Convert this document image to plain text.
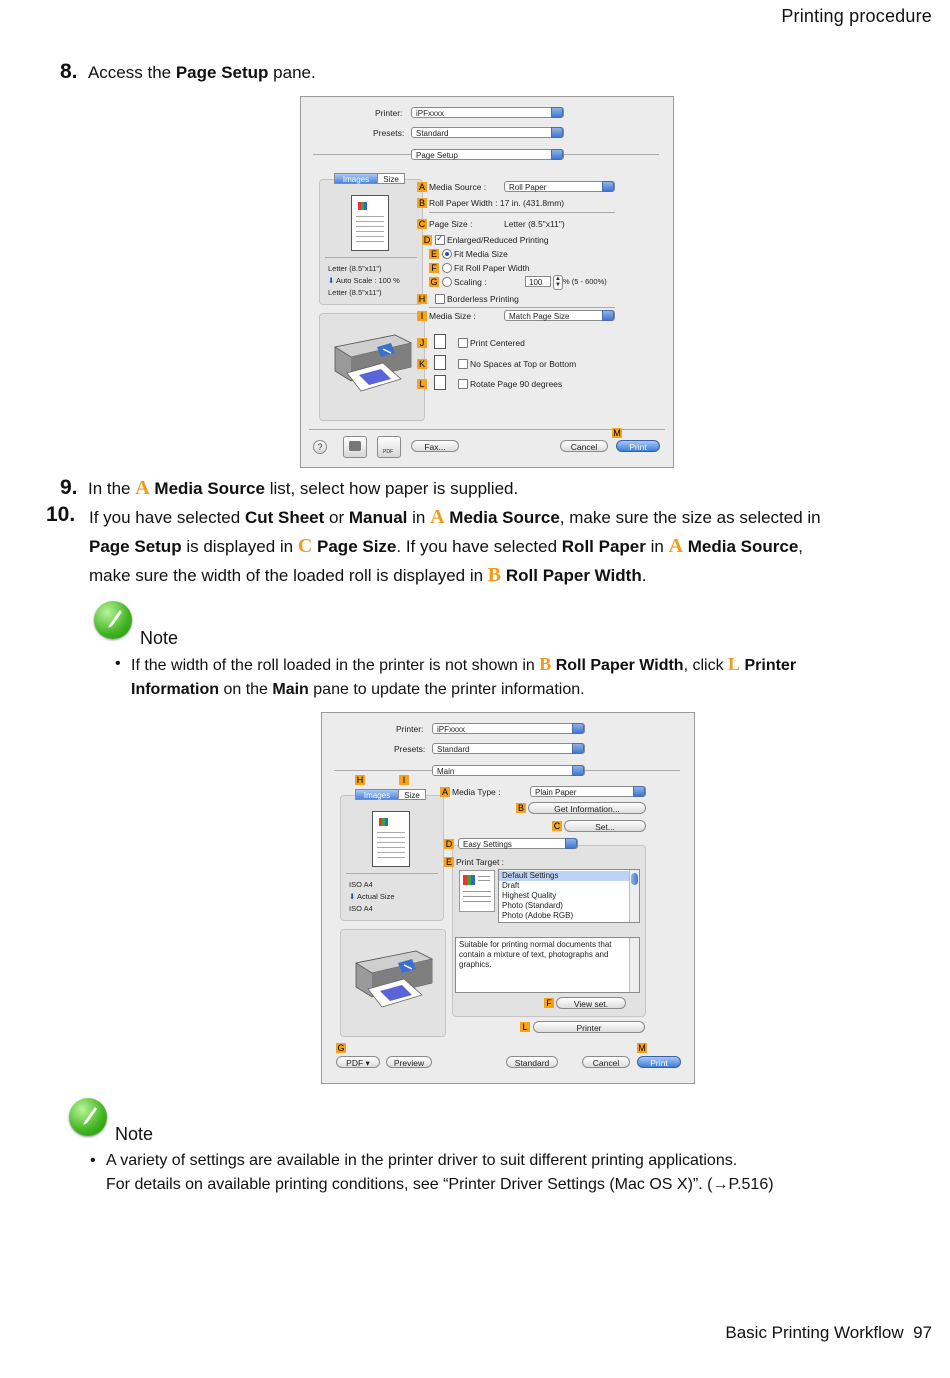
Printing procedure
Basic Printing Workflow 97
8. Access the Page Setup pane.
Printer:	iPFxxxx
Presets:	Standard
Page Setup
Images	Size
Letter (8.5"x11")
⬇ Auto Scale : 100 %
Letter (8.5"x11")
A Media Source :	Roll Paper
B Roll Paper Width : 17 in. (431.8mm)
C Page Size :	Letter (8.5"x11")
D
✓ Enlarged/Reduced Printing
E Fit Media Size
F Fit Roll Paper Width
G Scaling :	100	▲
▼ % (5 - 600%)
H	Borderless Printing
I Media Size :	Match Page Size
J	Print Centered
K	No Spaces at Top or Bottom
L	Rotate Page 90 degrees
?	PDF	Fax...
M
Cancel	Print
9. In the A Media Source list, select how paper is supplied.
10. If you have selected Cut Sheet or Manual in A Media Source, make sure the size as selected in
Page Setup is displayed in C Page Size. If you have selected Roll Paper in A Media Source,
make sure the width of the loaded roll is displayed in B Roll Paper Width.
Note
• If the width of the roll loaded in the printer is not shown in B Roll Paper Width, click L Printer
Information on the Main pane to update the printer information.
Printer:	iPFxxxx
Presets:	Standard
Main
H	I
Images	Size
ISO A4
⬇ Actual Size
ISO A4
A Media Type :	Plain Paper
B	Get Information...
C	Set...
D	Easy Settings
E Print Target :
Default Settings
Draft
Highest Quality
Photo (Standard)
Photo (Adobe RGB)
Suitable for printing normal documents that contain a mixture of text, photographs and graphics.
F	View set.
L	Printer
G	M
PDF ▾	Preview	Standard	Cancel	Print
Note
• A variety of settings are available in the printer driver to suit different printing applications.
For details on available printing conditions, see “Printer Driver Settings (Mac OS X)”. (→P.516)
